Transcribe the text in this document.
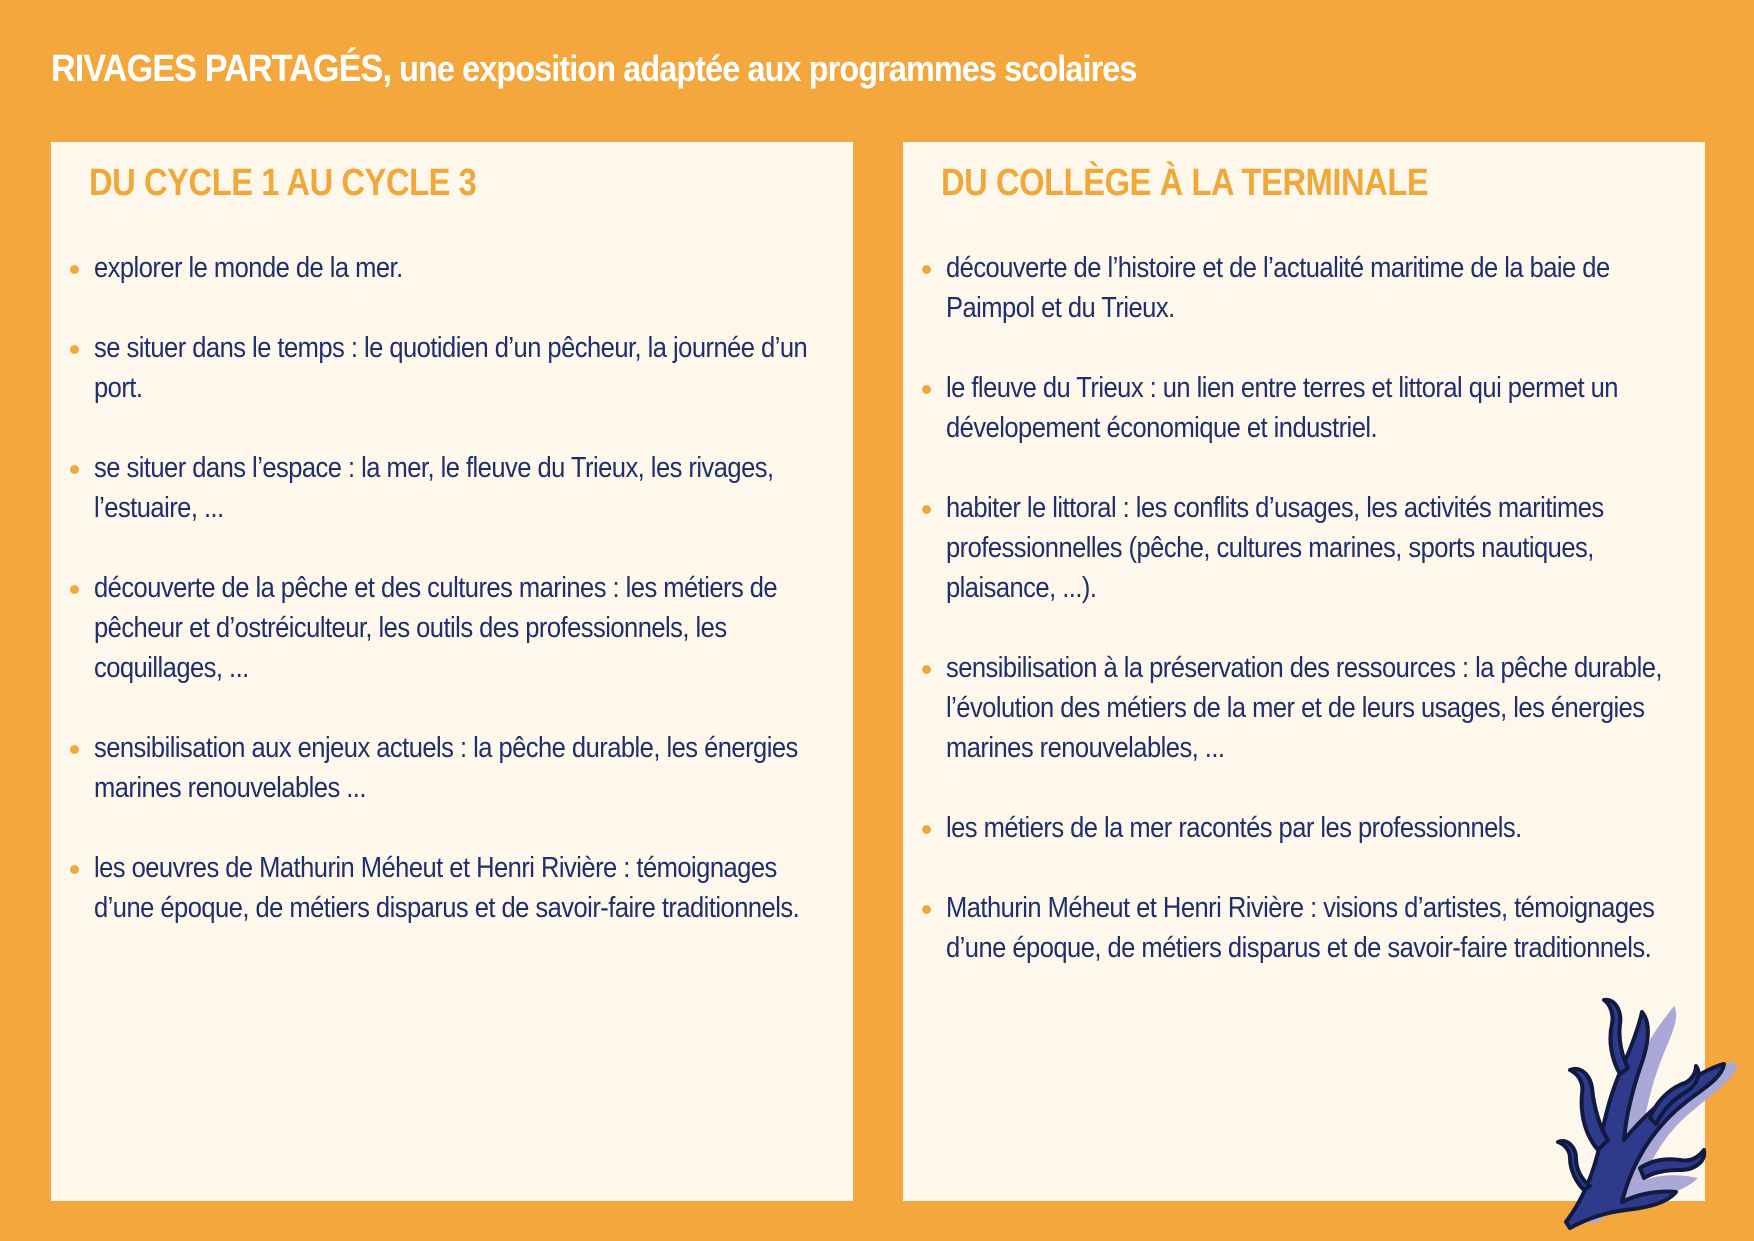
RIVAGES PARTAGÉS, une exposition adaptée aux programmes scolaires
DU CYCLE 1 AU CYCLE 3
explorer le monde de la mer.
se situer dans le temps : le quotidien d’un pêcheur, la journée d’un port.
se situer dans l’espace : la mer, le fleuve du Trieux, les rivages, l’estuaire, ...
découverte de la pêche et des cultures marines : les métiers de pêcheur et d’ostréiculteur, les outils des professionnels, les coquillages, ...
sensibilisation aux enjeux actuels : la pêche durable, les énergies marines renouvelables ...
les oeuvres de Mathurin Méheut et Henri Rivière : témoignages d’une époque, de métiers disparus et de savoir-faire traditionnels.
DU COLLÈGE À LA TERMINALE
découverte de l’histoire et de l’actualité maritime de la baie de Paimpol et du Trieux.
le fleuve du Trieux : un lien entre terres et littoral qui permet un dévelopement économique et industriel.
habiter le littoral : les conflits d’usages, les activités maritimes professionnelles (pêche, cultures marines, sports nautiques, plaisance, ...).
sensibilisation à la préservation des ressources : la pêche durable, l’évolution des métiers de la mer et de leurs usages, les énergies marines renouvelables, ...
les métiers de la mer racontés par les professionnels.
Mathurin Méheut et Henri Rivière : visions d’artistes, témoignages d’une époque, de métiers disparus et de savoir-faire traditionnels.
